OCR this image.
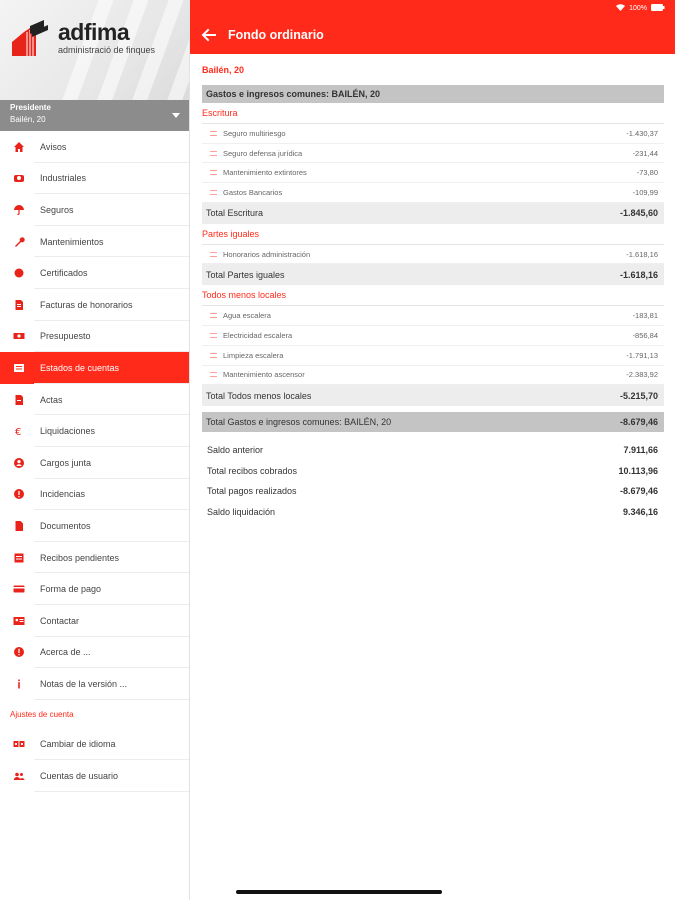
adfima
administració de finques
Presidente
Bailén, 20
Avisos
Industriales
Seguros
Mantenimientos
Certificados
Facturas de honorarios
Presupuesto
Estados de cuentas
Actas
€ Liquidaciones
Cargos junta
Incidencias
Documentos
Recibos pendientes
Forma de pago
Contactar
Acerca de ...
Notas de la versión ...
Ajustes de cuenta
Cambiar de idioma
Cuentas de usuario
100%
Fondo ordinario
Bailén, 20
Gastos e ingresos comunes: BAILÉN, 20
Escritura
Seguro multiriesgo	-1.430,37
Seguro defensa jurídica	-231,44
Mantenimiento extintores	-73,80
Gastos Bancarios	-109,99
Total Escritura	-1.845,60
Partes iguales
Honorarios administración	-1.618,16
Total Partes iguales	-1.618,16
Todos menos locales
Agua escalera	-183,81
Electricidad escalera	-856,84
Limpieza escalera	-1.791,13
Mantenimiento ascensor	-2.383,92
Total Todos menos locales	-5.215,70
Total Gastos e ingresos comunes: BAILÉN, 20	-8.679,46
Saldo anterior	7.911,66
Total recibos cobrados	10.113,96
Total pagos realizados	-8.679,46
Saldo liquidación	9.346,16
